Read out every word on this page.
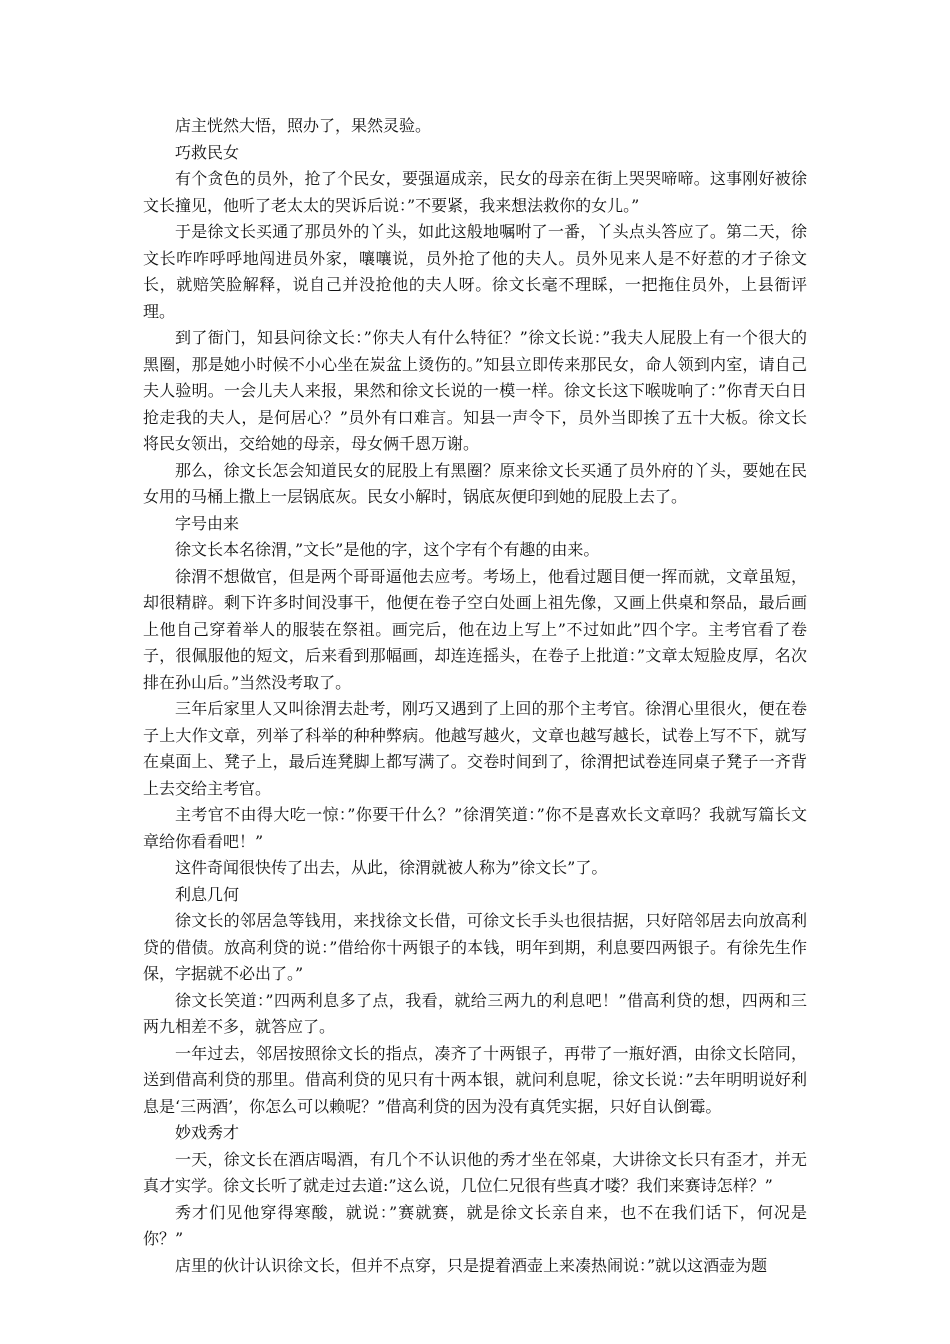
店主恍然大悟，照办了，果然灵验。

巧救民女

有个贪色的员外，抢了个民女，要强逼成亲，民女的母亲在街上哭哭啼啼。这事刚好被徐文长撞见，他听了老太太的哭诉后说：”不要紧，我来想法救你的女儿。”

于是徐文长买通了那员外的丫头，如此这般地嘱咐了一番，丫头点头答应了。第二天，徐文长咋咋呼呼地闯进员外家，嚷嚷说，员外抢了他的夫人。员外见来人是不好惹的才子徐文长，就赔笑脸解释，说自己并没抢他的夫人呀。徐文长毫不理睬，一把拖住员外，上县衙评理。

到了衙门，知县问徐文长：”你夫人有什么特征？”徐文长说：”我夫人屁股上有一个很大的黑圈，那是她小时候不小心坐在炭盆上烫伤的。”知县立即传来那民女，命人领到内室，请自己夫人验明。一会儿夫人来报，果然和徐文长说的一模一样。徐文长这下喉咙响了：”你青天白日抢走我的夫人，是何居心？”员外有口难言。知县一声令下，员外当即挨了五十大板。徐文长将民女领出，交给她的母亲，母女俩千恩万谢。

那么，徐文长怎会知道民女的屁股上有黑圈？原来徐文长买通了员外府的丫头，要她在民女用的马桶上撒上一层锅底灰。民女小解时，锅底灰便印到她的屁股上去了。

字号由来

徐文长本名徐渭，”文长”是他的字，这个字有个有趣的由来。

徐渭不想做官，但是两个哥哥逼他去应考。考场上，他看过题目便一挥而就，文章虽短，却很精辟。剩下许多时间没事干，他便在卷子空白处画上祖先像，又画上供桌和祭品，最后画上他自己穿着举人的服装在祭祖。画完后，他在边上写上”不过如此”四个字。主考官看了卷子，很佩服他的短文，后来看到那幅画，却连连摇头，在卷子上批道：”文章太短脸皮厚，名次排在孙山后。”当然没考取了。

三年后家里人又叫徐渭去赴考，刚巧又遇到了上回的那个主考官。徐渭心里很火，便在卷子上大作文章，列举了科举的种种弊病。他越写越火，文章也越写越长，试卷上写不下，就写在桌面上、凳子上，最后连凳脚上都写满了。交卷时间到了，徐渭把试卷连同桌子凳子一齐背上去交给主考官。

主考官不由得大吃一惊：”你要干什么？”徐渭笑道：”你不是喜欢长文章吗？我就写篇长文章给你看看吧！”

这件奇闻很快传了出去，从此，徐渭就被人称为”徐文长”了。

利息几何

徐文长的邻居急等钱用，来找徐文长借，可徐文长手头也很拮据，只好陪邻居去向放高利贷的借债。放高利贷的说：”借给你十两银子的本钱，明年到期，利息要四两银子。有徐先生作保，字据就不必出了。”

徐文长笑道：”四两利息多了点，我看，就给三两九的利息吧！”借高利贷的想，四两和三两九相差不多，就答应了。

一年过去，邻居按照徐文长的指点，凑齐了十两银子，再带了一瓶好酒，由徐文长陪同，送到借高利贷的那里。借高利贷的见只有十两本银，就问利息呢，徐文长说：”去年明明说好利息是‘三两酒’，你怎么可以赖呢？”借高利贷的因为没有真凭实据，只好自认倒霉。

妙戏秀才

一天，徐文长在酒店喝酒，有几个不认识他的秀才坐在邻桌，大讲徐文长只有歪才，并无真才实学。徐文长听了就走过去道:”这么说，几位仁兄很有些真才喽？我们来赛诗怎样？”

秀才们见他穿得寒酸，就说：”赛就赛，就是徐文长亲自来，也不在我们话下，何况是你？”

店里的伙计认识徐文长，但并不点穿，只是提着酒壶上来凑热闹说：”就以这酒壶为题
